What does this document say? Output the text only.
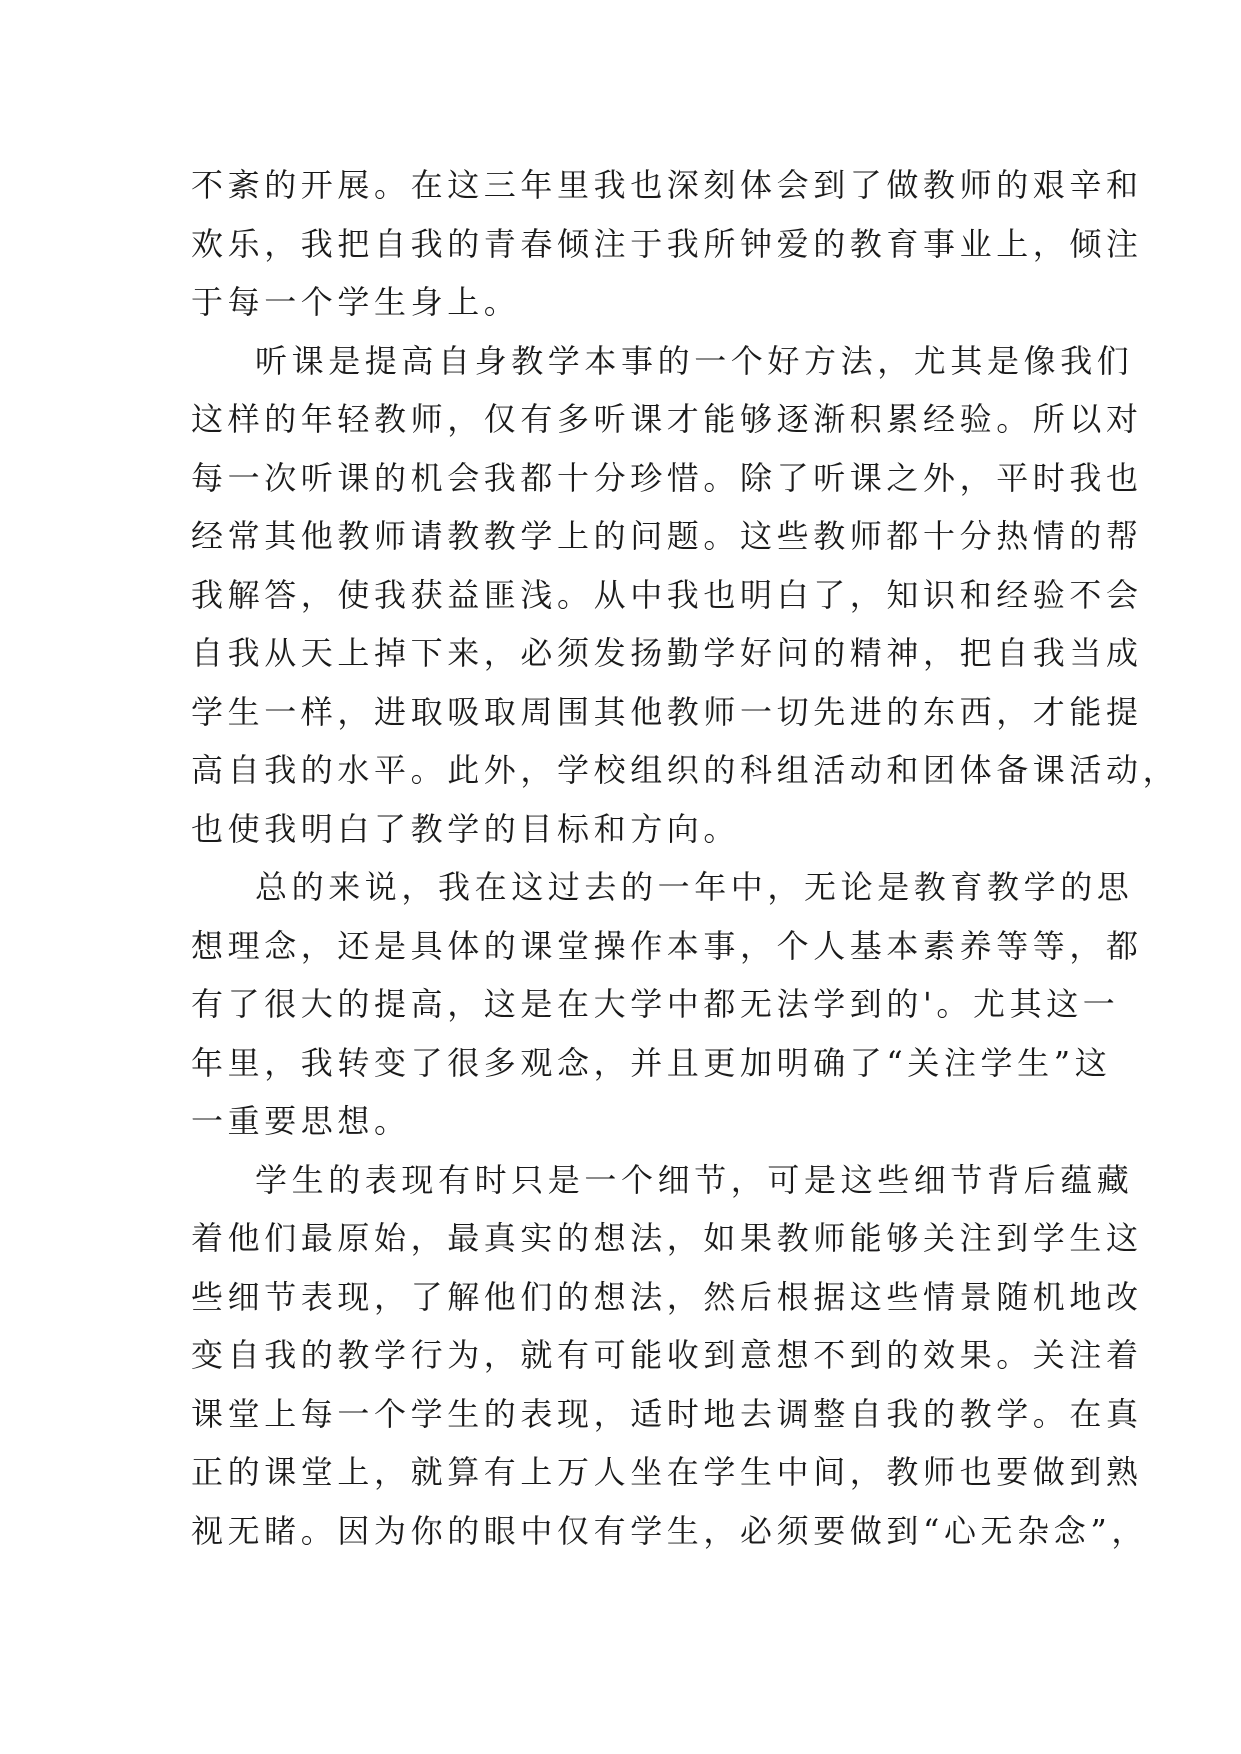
不紊的开展。在这三年里我也深刻体会到了做教师的艰辛和
欢乐，我把自我的青春倾注于我所钟爱的教育事业上，倾注
于每一个学生身上。
听课是提高自身教学本事的一个好方法，尤其是像我们
这样的年轻教师，仅有多听课才能够逐渐积累经验。所以对
每一次听课的机会我都十分珍惜。除了听课之外，平时我也
经常其他教师请教教学上的问题。这些教师都十分热情的帮
我解答，使我获益匪浅。从中我也明白了，知识和经验不会
自我从天上掉下来，必须发扬勤学好问的精神，把自我当成
学生一样，进取吸取周围其他教师一切先进的东西，才能提
高自我的水平。此外，学校组织的科组活动和团体备课活动，
也使我明白了教学的目标和方向。
总的来说，我在这过去的一年中，无论是教育教学的思
想理念，还是具体的课堂操作本事，个人基本素养等等，都
有了很大的提高，这是在大学中都无法学到的'。尤其这一
年里，我转变了很多观念，并且更加明确了“关注学生”这
一重要思想。
学生的表现有时只是一个细节，可是这些细节背后蕴藏
着他们最原始，最真实的想法，如果教师能够关注到学生这
些细节表现，了解他们的想法，然后根据这些情景随机地改
变自我的教学行为，就有可能收到意想不到的效果。关注着
课堂上每一个学生的表现，适时地去调整自我的教学。在真
正的课堂上，就算有上万人坐在学生中间，教师也要做到熟
视无睹。因为你的眼中仅有学生，必须要做到“心无杂念”，
